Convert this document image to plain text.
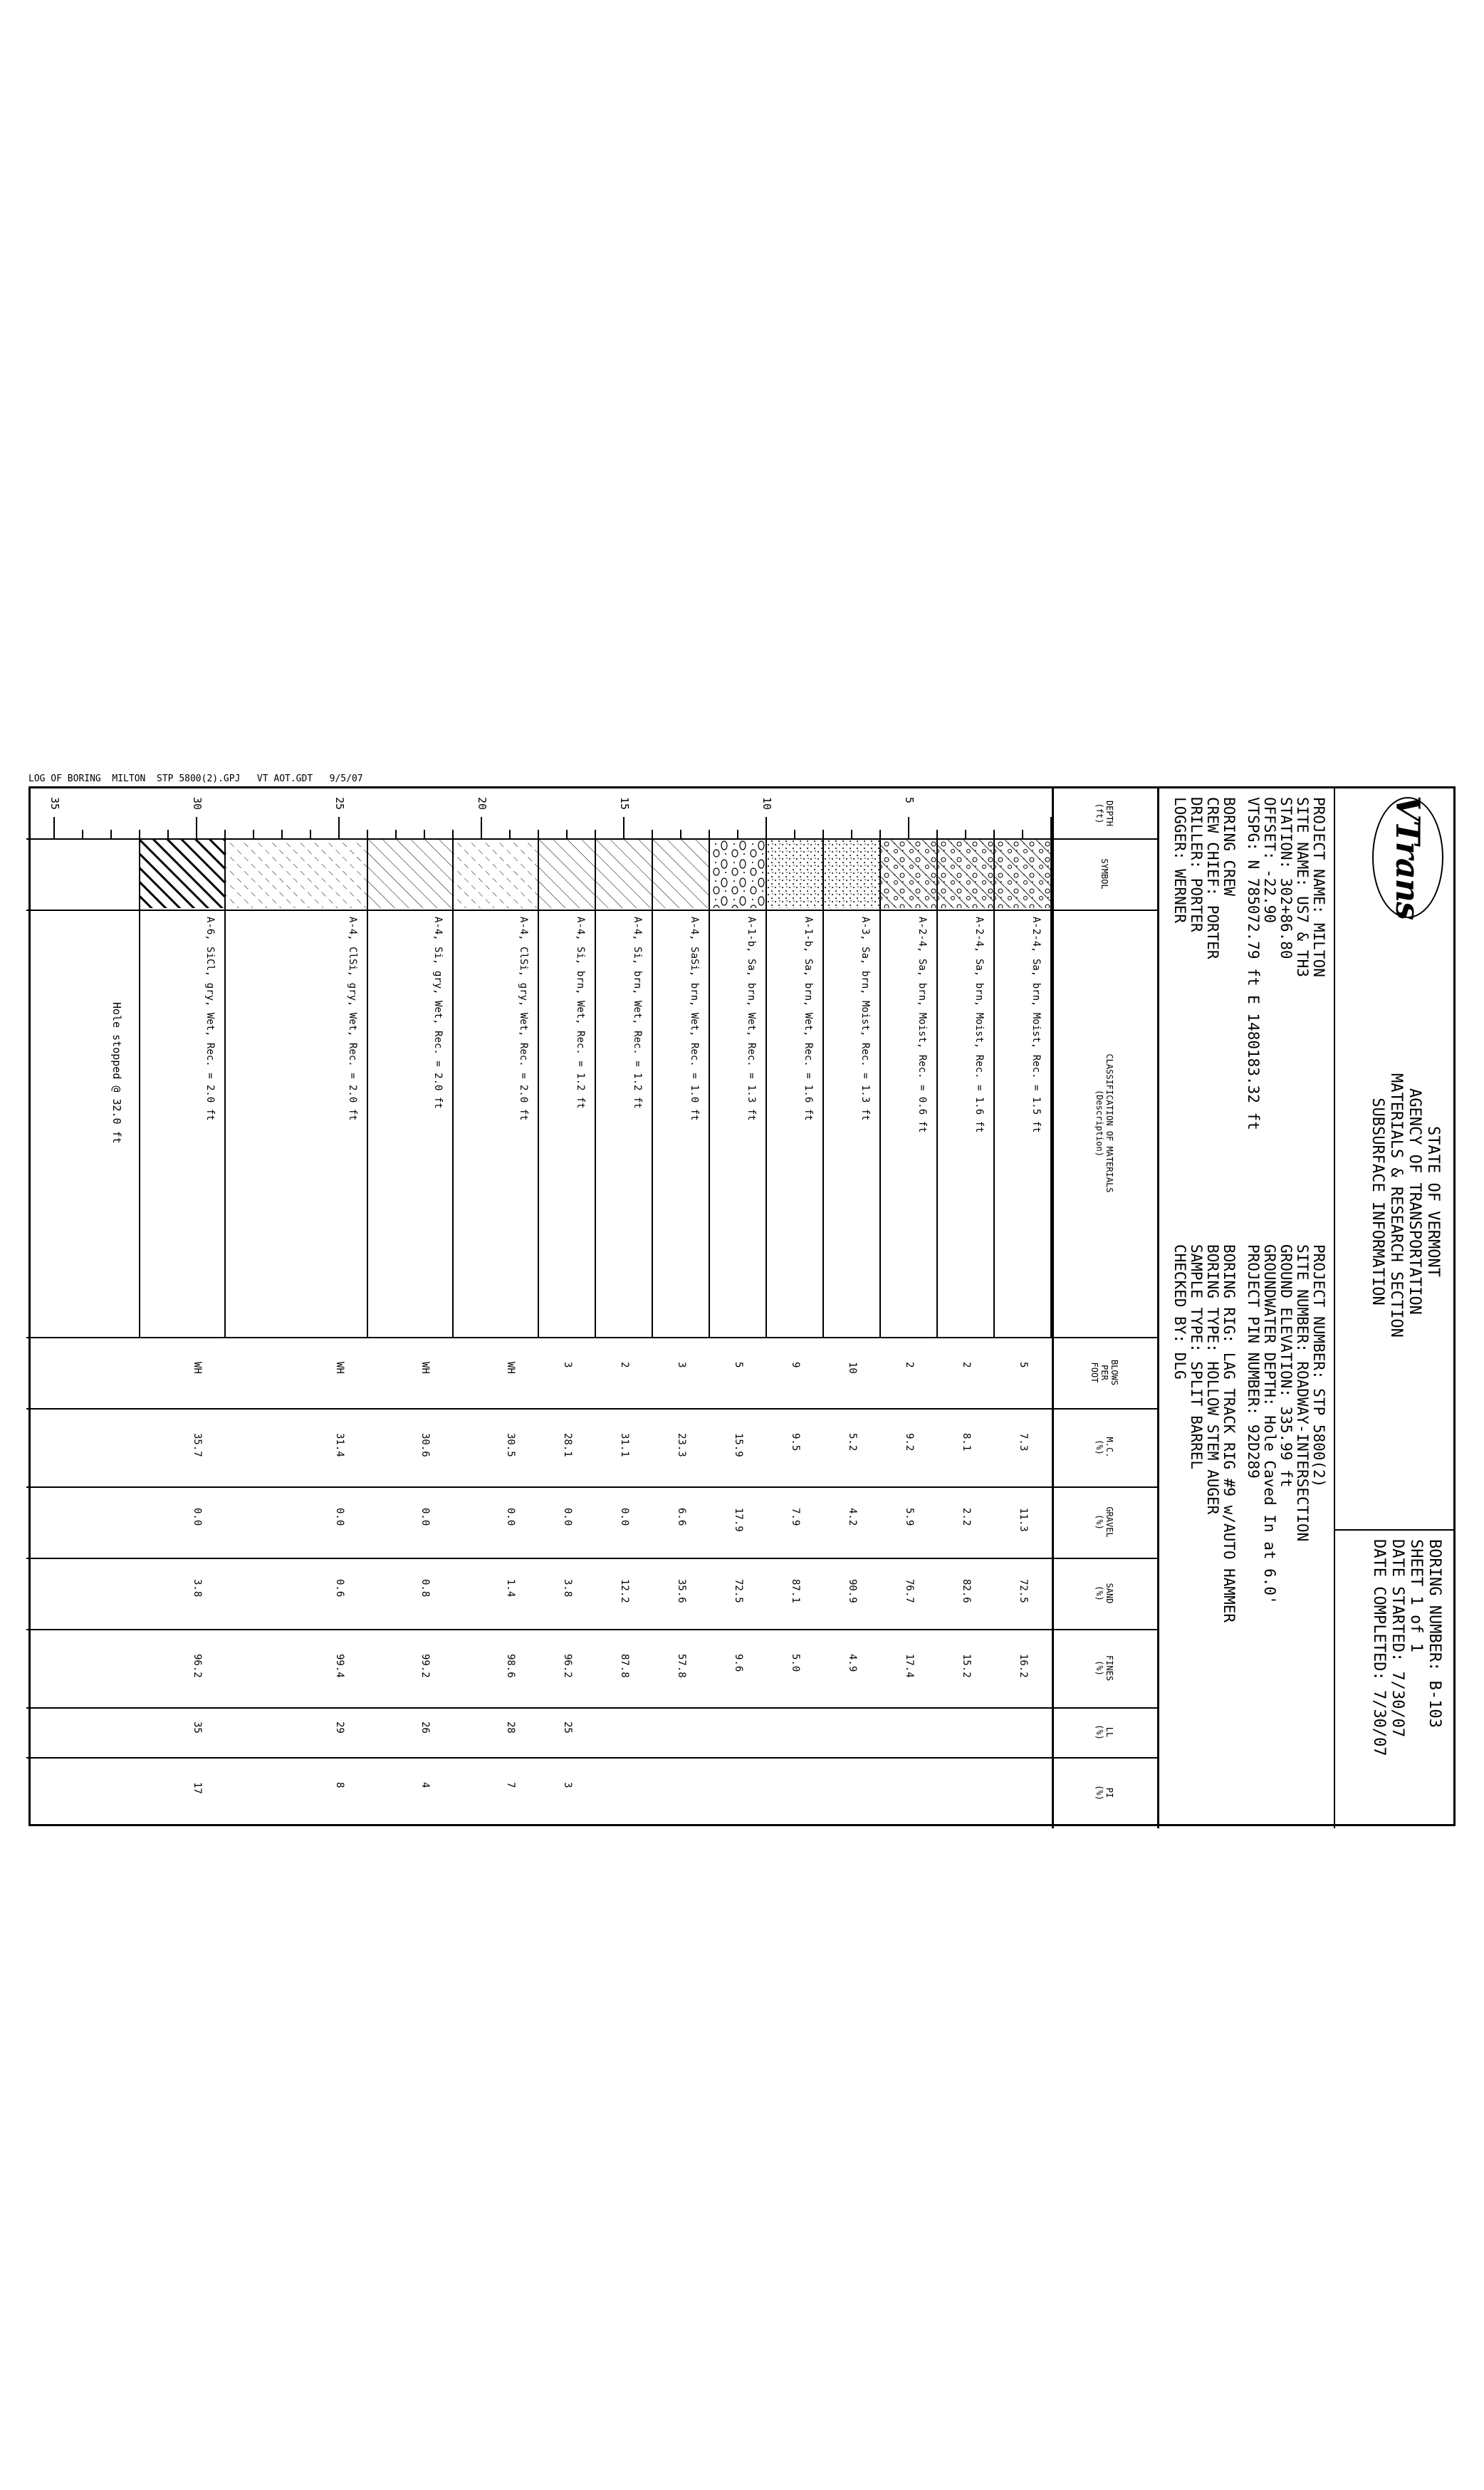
LOG OF BORING  MILTON  STP 5800(2).GPJ   VT AOT.GDT   9/5/07
VTrans
STATE OF VERMONT
AGENCY OF TRANSPORTATION
MATERIALS & RESEARCH SECTION
SUBSURFACE INFORMATION
BORING NUMBER: B-103
SHEET 1 of 1
DATE STARTED: 7/30/07
DATE COMPLETED: 7/30/07
PROJECT NAME: MILTON
SITE NAME: US7 & TH3
STATION: 302+86.80
OFFSET: -22.90
VTSPG: N 785072.79 ft E 1480183.32 ft
BORING CREW
CREW CHIEF: PORTER
DRILLER: PORTER
LOGGER: WERNER
PROJECT NUMBER: STP 5800(2)
SITE NUMBER: ROADWAY-INTERSECTION
GROUND ELEVATION: 335.99 ft
GROUNDWATER DEPTH: Hole Caved In at 6.0'
PROJECT PIN NUMBER: 92D289
BORING RIG: LAG TRACK RIG #9 w/AUTO HAMMER
BORING TYPE: HOLLOW STEM AUGER
SAMPLE TYPE: SPLIT BARREL
CHECKED BY: DLG
DEPTH
(ft)
SYMBOL
CLASSIFICATION OF MATERIALS
(Description)
BLOWS
PER
FOOT
M.C.
(%)
GRAVEL
(%)
SAND
(%)
FINES
(%)
LL
(%)
PI
(%)
A-2-4, Sa, brn, Moist, Rec. = 1.5 ft
5
7.3
11.3
72.5
16.2
A-2-4, Sa, brn, Moist, Rec. = 1.6 ft
2
8.1
2.2
82.6
15.2
A-2-4, Sa, brn, Moist, Rec. = 0.6 ft
2
9.2
5.9
76.7
17.4
A-3, Sa, brn, Moist, Rec. = 1.3 ft
10
5.2
4.2
90.9
4.9
A-1-b, Sa, brn, Wet, Rec. = 1.6 ft
9
9.5
7.9
87.1
5.0
A-1-b, Sa, brn, Wet, Rec. = 1.3 ft
5
15.9
17.9
72.5
9.6
A-4, SaSi, brn, Wet, Rec. = 1.0 ft
3
23.3
6.6
35.6
57.8
A-4, Si, brn, Wet, Rec. = 1.2 ft
2
31.1
0.0
12.2
87.8
A-4, Si, brn, Wet, Rec. = 1.2 ft
3
28.1
0.0
3.8
96.2
25
3
A-4, ClSi, gry, Wet, Rec. = 2.0 ft
WH
30.5
0.0
1.4
98.6
28
7
A-4, Si, gry, Wet, Rec. = 2.0 ft
WH
30.6
0.0
0.8
99.2
26
4
A-4, ClSi, gry, Wet, Rec. = 2.0 ft
WH
31.4
0.0
0.6
99.4
29
8
A-6, SiCl, gry, Wet, Rec. = 2.0 ft
WH
35.7
0.0
3.8
96.2
35
17
5
10
15
20
25
30
35
Hole stopped @ 32.0 ft
